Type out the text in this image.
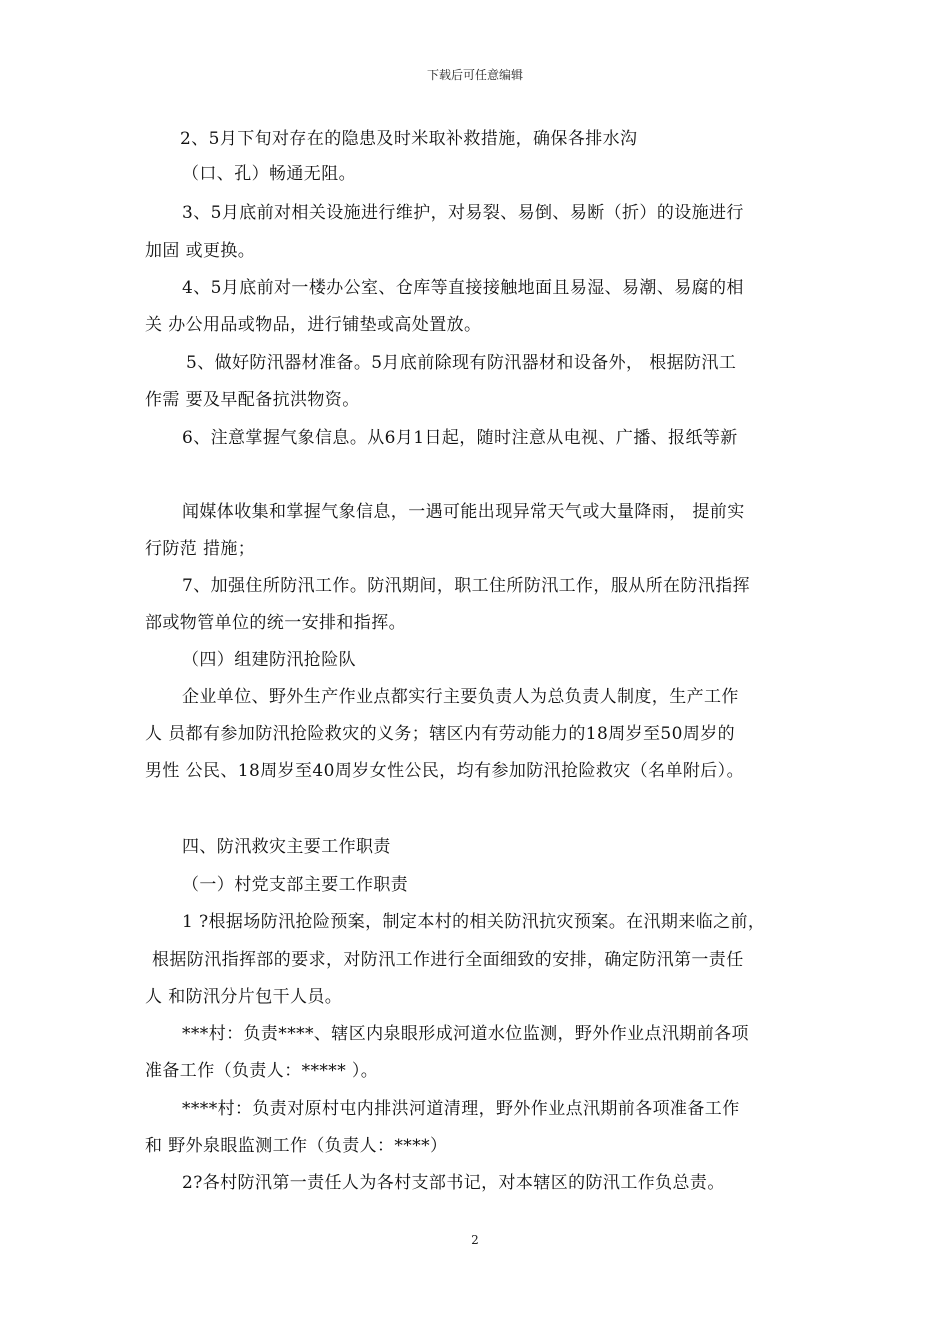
下载后可任意编辑
2、5月下旬对存在的隐患及时米取补救措施，确保各排水沟
（口、孔）畅通无阻。
3、5月底前对相关设施进行维护，对易裂、易倒、易断（折）的设施进行
加固 或更换。
4、5月底前对一楼办公室、仓库等直接接触地面且易湿、易潮、易腐的相
关 办公用品或物品，进行铺垫或高处置放。
5、做好防汛器材准备。5月底前除现有防汛器材和设备外， 根据防汛工
作需 要及早配备抗洪物资。
6、注意掌握气象信息。从6月1日起，随时注意从电视、广播、报纸等新
闻媒体收集和掌握气象信息，一遇可能出现异常天气或大量降雨， 提前实
行防范 措施；
7、加强住所防汛工作。防汛期间，职工住所防汛工作，服从所在防汛指挥
部或物管单位的统一安排和指挥。
（四）组建防汛抢险队
企业单位、野外生产作业点都实行主要负责人为总负责人制度，生产工作
人 员都有参加防汛抢险救灾的义务；辖区内有劳动能力的18周岁至50周岁的
男性 公民、18周岁至40周岁女性公民，均有参加防汛抢险救灾（名单附后）。
四、防汛救灾主要工作职责
（一）村党支部主要工作职责
1 ?根据场防汛抢险预案，制定本村的相关防汛抗灾预案。在汛期来临之前，
根据防汛指挥部的要求，对防汛工作进行全面细致的安排，确定防汛第一责任
人 和防汛分片包干人员。
***村：负责****、辖区内泉眼形成河道水位监测，野外作业点汛期前各项
准备工作（负责人：***** ）。
****村：负责对原村屯内排洪河道清理，野外作业点汛期前各项准备工作
和 野外泉眼监测工作（负责人：****）
2?各村防汛第一责任人为各村支部书记，对本辖区的防汛工作负总责。
2
